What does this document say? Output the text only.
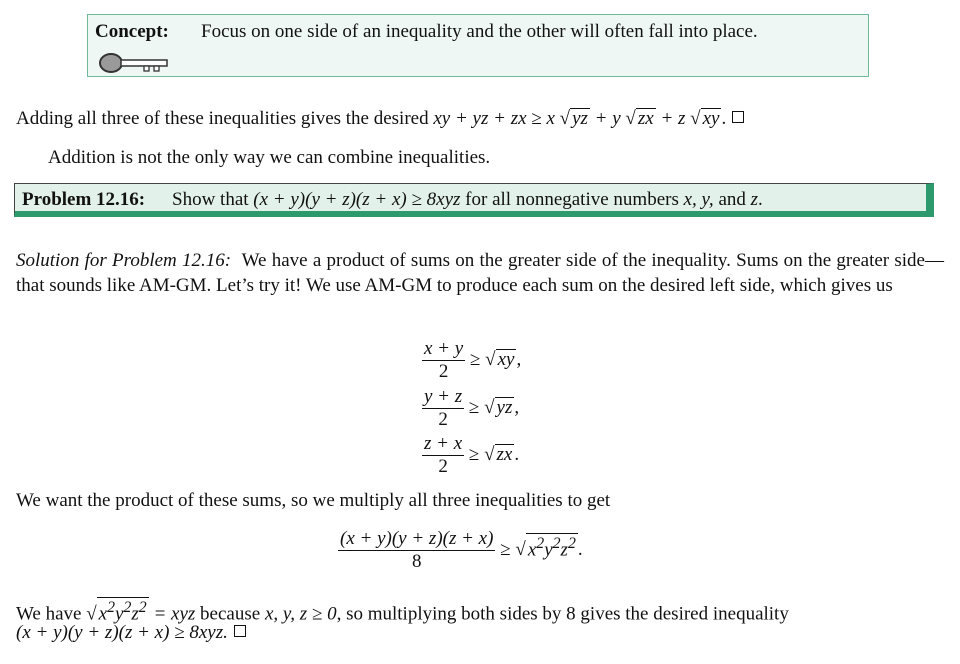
Concept: Focus on one side of an inequality and the other will often fall into place.
Adding all three of these inequalities gives the desired xy + yz + zx ≥ x √ yz + y √ zx + z √ xy .
Addition is not the only way we can combine inequalities.
Problem 12.16: Show that (x + y)(y + z)(z + x) ≥ 8xyz for all nonnegative numbers x, y, and z.
Solution for Problem 12.16: We have a product of sums on the greater side of the inequality. Sums on the greater side—that sounds like AM-GM. Let’s try it! We use AM-GM to produce each sum on the desired left side, which gives us
$\frac{x + y}{2}$ ≥ √ xy ,
$\frac{y + z}{2}$ ≥ √ yz ,
$\frac{z + x}{2}$ ≥ √ zx .
We want the product of these sums, so we multiply all three inequalities to get
$\frac{(x + y)(y + z)(z + x)}{8}$ ≥ √ $x^2y^2z^2$ .
We have √ $x^2y^2z^2$ = xyz because x, y, z ≥ 0, so multiplying both sides by 8 gives the desired inequality
(x + y)(y + z)(z + x) ≥ 8xyz.
